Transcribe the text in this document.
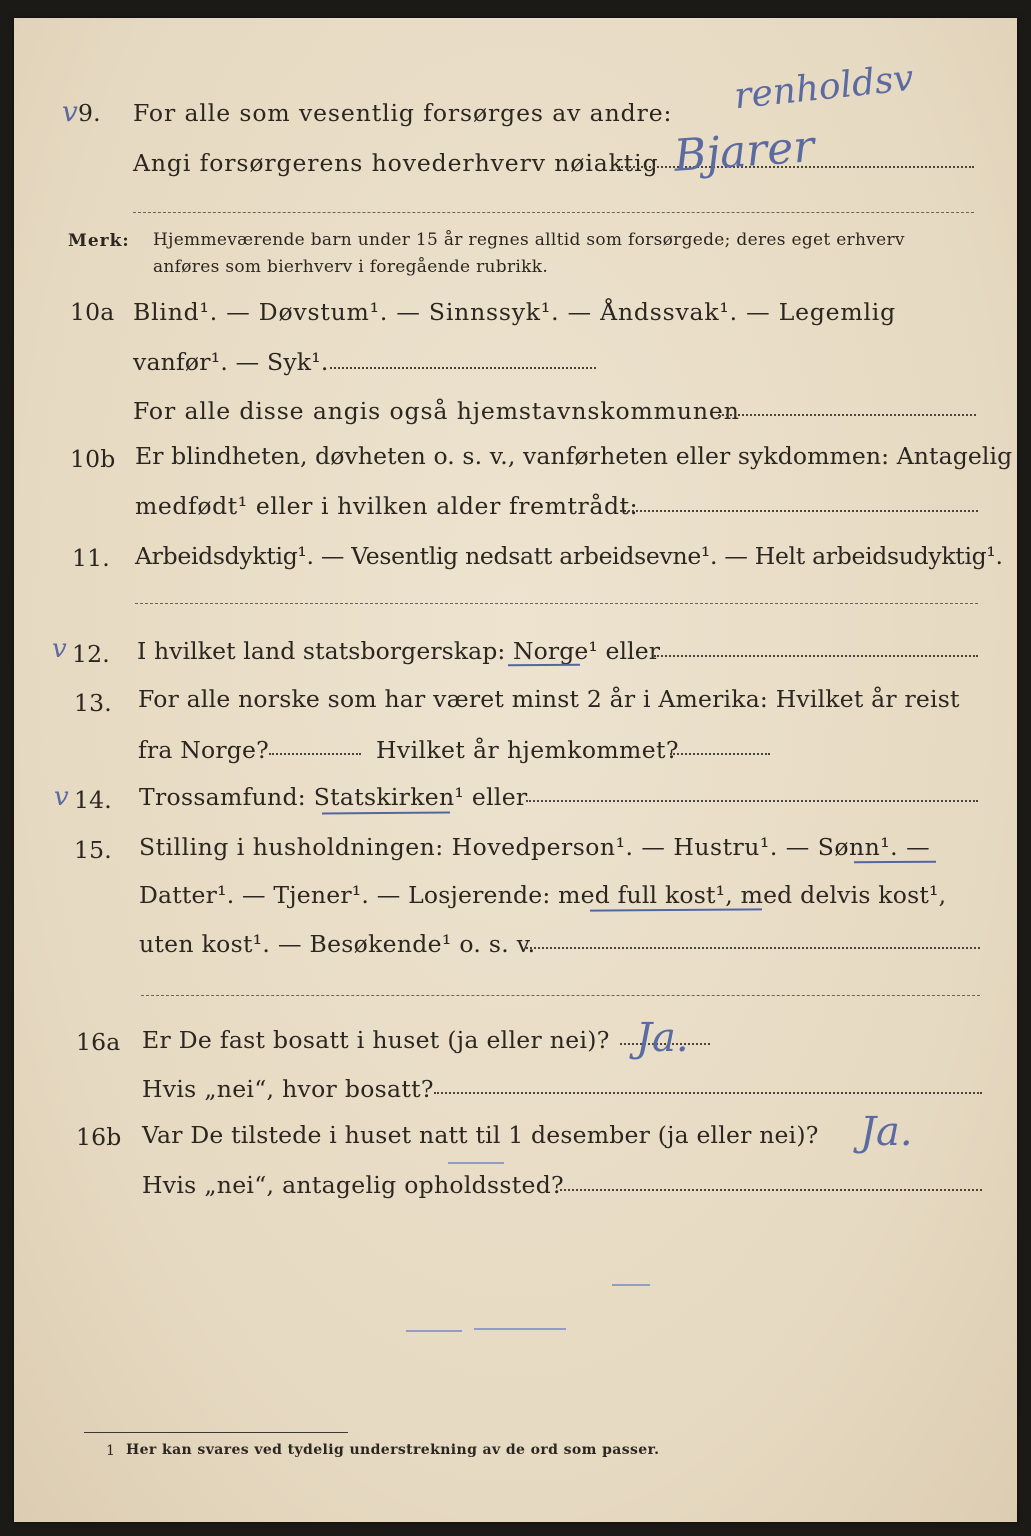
v 9. For alle som vesentlig forsørges av andre: renholdsv
Angi forsørgerens hovederhverv nøiaktig Bjarer
Merk: Hjemmeværende barn under 15 år regnes alltid som forsørgede; deres eget erhverv
anføres som bierhverv i foregående rubrikk.
10a Blind¹. — Døvstum¹. — Sinnssyk¹. — Åndssvak¹. — Legemlig
vanfør¹. — Syk¹.
For alle disse angis også hjemstavnskommunen
10b Er blindheten, døvheten o. s. v., vanførheten eller sykdommen: Antagelig
medfødt¹ eller i hvilken alder fremtrådt:
11. Arbeidsdyktig¹. — Vesentlig nedsatt arbeidsevne¹. — Helt arbeidsudyktig¹.
v 12. I hvilket land statsborgerskap: Norge¹ eller
13. For alle norske som har været minst 2 år i Amerika: Hvilket år reist
fra Norge?	Hvilket år hjemkommet?
v 14. Trossamfund: Statskirken¹ eller
15. Stilling i husholdningen: Hovedperson¹. — Hustru¹. — Sønn¹. —
Datter¹. — Tjener¹. — Losjerende: med full kost¹, med delvis kost¹,
uten kost¹. — Besøkende¹ o. s. v.
16a Er De fast bosatt i huset (ja eller nei)? Ja.
Hvis „nei“, hvor bosatt?
16b Var De tilstede i huset natt til 1 desember (ja eller nei)? Ja.
Hvis „nei“, antagelig opholdssted?
1 Her kan svares ved tydelig understrekning av de ord som passer.
